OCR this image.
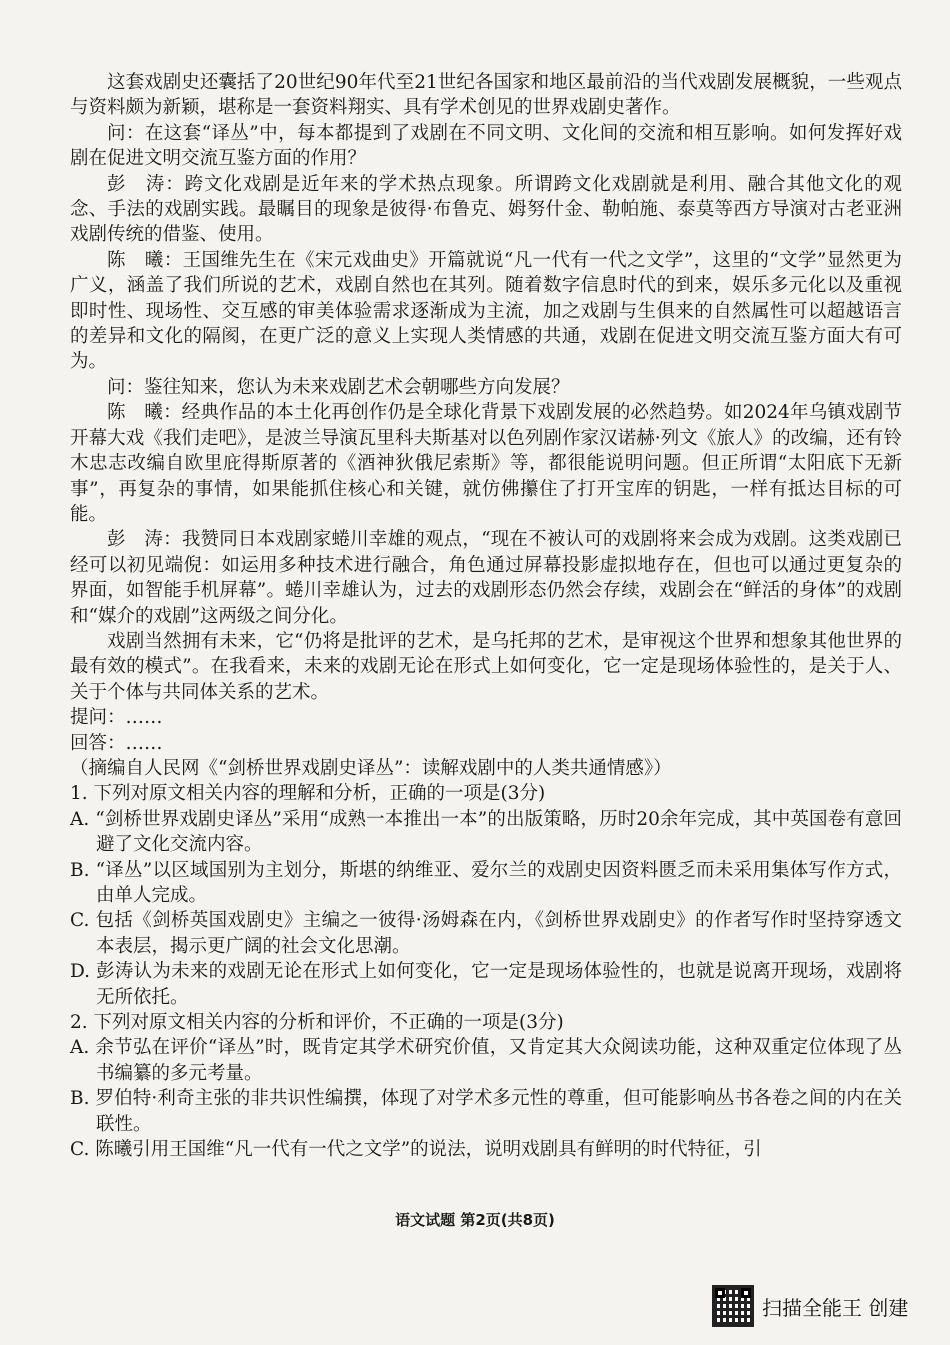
这套戏剧史还囊括了20世纪90年代至21世纪各国家和地区最前沿的当代戏剧发展概貌，一些观点与资料颇为新颖，堪称是一套资料翔实、具有学术创见的世界戏剧史著作。

问：在这套“译丛”中，每本都提到了戏剧在不同文明、文化间的交流和相互影响。如何发挥好戏剧在促进文明交流互鉴方面的作用？

彭　涛：跨文化戏剧是近年来的学术热点现象。所谓跨文化戏剧就是利用、融合其他文化的观念、手法的戏剧实践。最瞩目的现象是彼得·布鲁克、姆努什金、勒帕施、泰莫等西方导演对古老亚洲戏剧传统的借鉴、使用。

陈　曦：王国维先生在《宋元戏曲史》开篇就说“凡一代有一代之文学”，这里的“文学”显然更为广义，涵盖了我们所说的艺术，戏剧自然也在其列。随着数字信息时代的到来，娱乐多元化以及重视即时性、现场性、交互感的审美体验需求逐渐成为主流，加之戏剧与生俱来的自然属性可以超越语言的差异和文化的隔阂，在更广泛的意义上实现人类情感的共通，戏剧在促进文明交流互鉴方面大有可为。

问：鉴往知来，您认为未来戏剧艺术会朝哪些方向发展？

陈　曦：经典作品的本土化再创作仍是全球化背景下戏剧发展的必然趋势。如2024年乌镇戏剧节开幕大戏《我们走吧》，是波兰导演瓦里科夫斯基对以色列剧作家汉诺赫·列文《旅人》的改编，还有铃木忠志改编自欧里庇得斯原著的《酒神狄俄尼索斯》等，都很能说明问题。但正所谓“太阳底下无新事”，再复杂的事情，如果能抓住核心和关键，就仿佛攥住了打开宝库的钥匙，一样有抵达目标的可能。

彭　涛：我赞同日本戏剧家蜷川幸雄的观点，“现在不被认可的戏剧将来会成为戏剧。这类戏剧已经可以初见端倪：如运用多种技术进行融合，角色通过屏幕投影虚拟地存在，但也可以通过更复杂的界面，如智能手机屏幕”。蜷川幸雄认为，过去的戏剧形态仍然会存续，戏剧会在“鲜活的身体”的戏剧和“媒介的戏剧”这两级之间分化。

戏剧当然拥有未来，它“仍将是批评的艺术，是乌托邦的艺术，是审视这个世界和想象其他世界的最有效的模式”。在我看来，未来的戏剧无论在形式上如何变化，它一定是现场体验性的，是关于人、关于个体与共同体关系的艺术。

提问：……

回答：……

（摘编自人民网《“剑桥世界戏剧史译丛”：读解戏剧中的人类共通情感》）

1. 下列对原文相关内容的理解和分析，正确的一项是(3分)

A. “剑桥世界戏剧史译丛”采用“成熟一本推出一本”的出版策略，历时20余年完成，其中英国卷有意回避了文化交流内容。

B. “译丛”以区域国别为主划分，斯堪的纳维亚、爱尔兰的戏剧史因资料匮乏而未采用集体写作方式，由单人完成。

C. 包括《剑桥英国戏剧史》主编之一彼得·汤姆森在内，《剑桥世界戏剧史》的作者写作时坚持穿透文本表层，揭示更广阔的社会文化思潮。

D. 彭涛认为未来的戏剧无论在形式上如何变化，它一定是现场体验性的，也就是说离开现场，戏剧将无所依托。

2. 下列对原文相关内容的分析和评价，不正确的一项是(3分)

A. 余节弘在评价“译丛”时，既肯定其学术研究价值，又肯定其大众阅读功能，这种双重定位体现了丛书编纂的多元考量。

B. 罗伯特·利奇主张的非共识性编撰，体现了对学术多元性的尊重，但可能影响丛书各卷之间的内在关联性。

C. 陈曦引用王国维“凡一代有一代之文学”的说法，说明戏剧具有鲜明的时代特征，引

语文试题 第2页(共8页)
扫描全能王 创建
